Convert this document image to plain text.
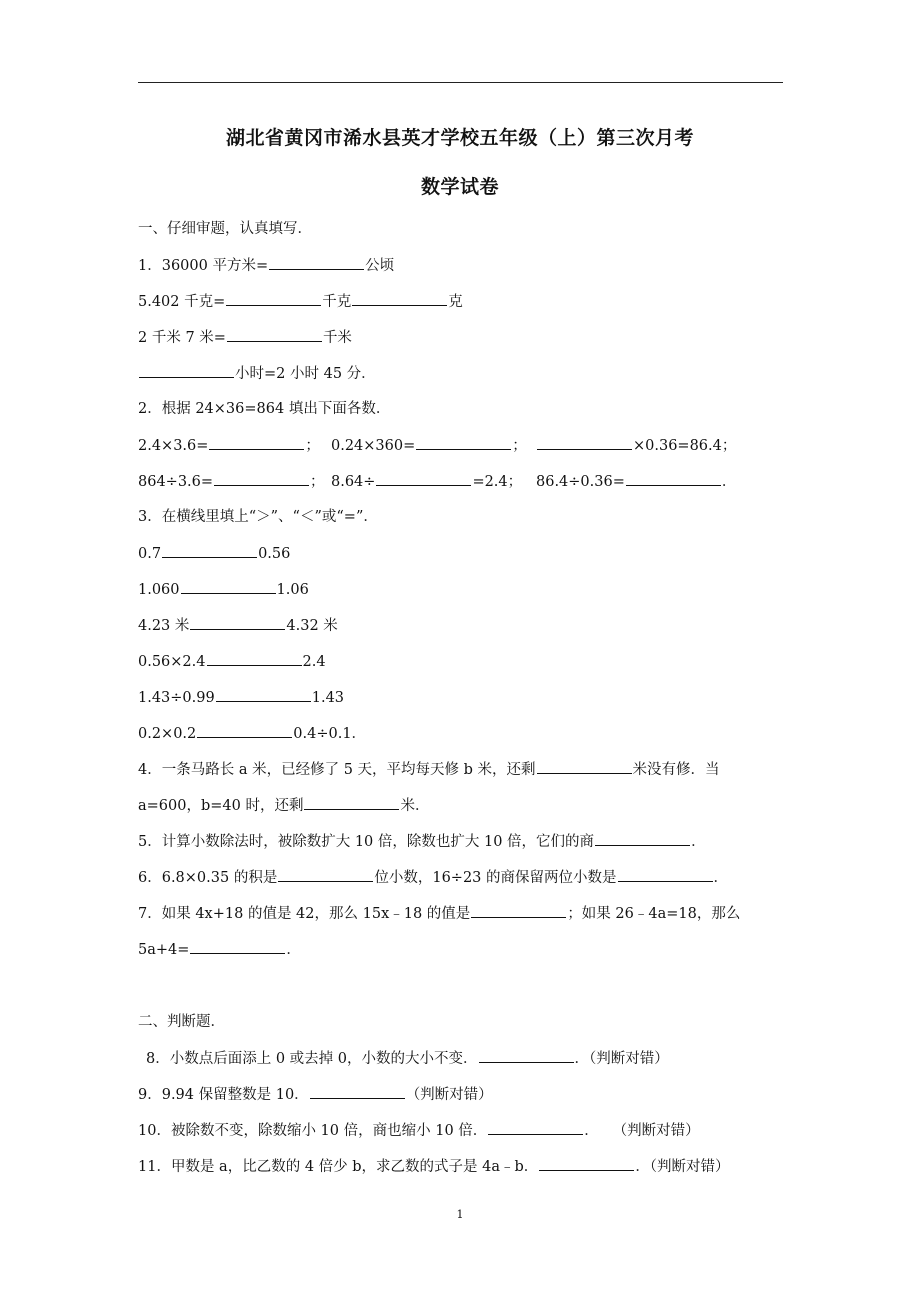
湖北省黄冈市浠水县英才学校五年级（上）第三次月考
数学试卷
一、仔细审题，认真填写．
1．36000 平方米=	公顷
5.402 千克=	千克	克
2 千米 7 米=	千米
小时=2 小时 45 分．
2．根据 24×36=864 填出下面各数．
2.4×3.6=	； 0.24×360=	；	×0.36=86.4；
864÷3.6=	； 8.64÷	=2.4； 86.4÷0.36=	．
3．在横线里填上“＞”、“＜”或“=”．
0.7	0.56
1.060	1.06
4.23 米	4.32 米
0.56×2.4	2.4
1.43÷0.99	1.43
0.2×0.2	0.4÷0.1．
4．一条马路长 a 米，已经修了 5 天，平均每天修 b 米，还剩	米没有修．当
a=600，b=40 时，还剩	米．
5．计算小数除法时，被除数扩大 10 倍，除数也扩大 10 倍，它们的商	．
6．6.8×0.35 的积是	位小数，16÷23 的商保留两位小数是	．
7．如果 4x+18 的值是 42，那么 15x﹣18 的值是	；如果 26﹣4a=18，那么
5a+4=	．
二、判断题．
8．小数点后面添上 0 或去掉 0，小数的大小不变．	．（判断对错）
9．9.94 保留整数是 10．	（判断对错）
10．被除数不变，除数缩小 10 倍，商也缩小 10 倍．	．   （判断对错）
11．甲数是 a，比乙数的 4 倍少 b，求乙数的式子是 4a﹣b．	．（判断对错）
1
